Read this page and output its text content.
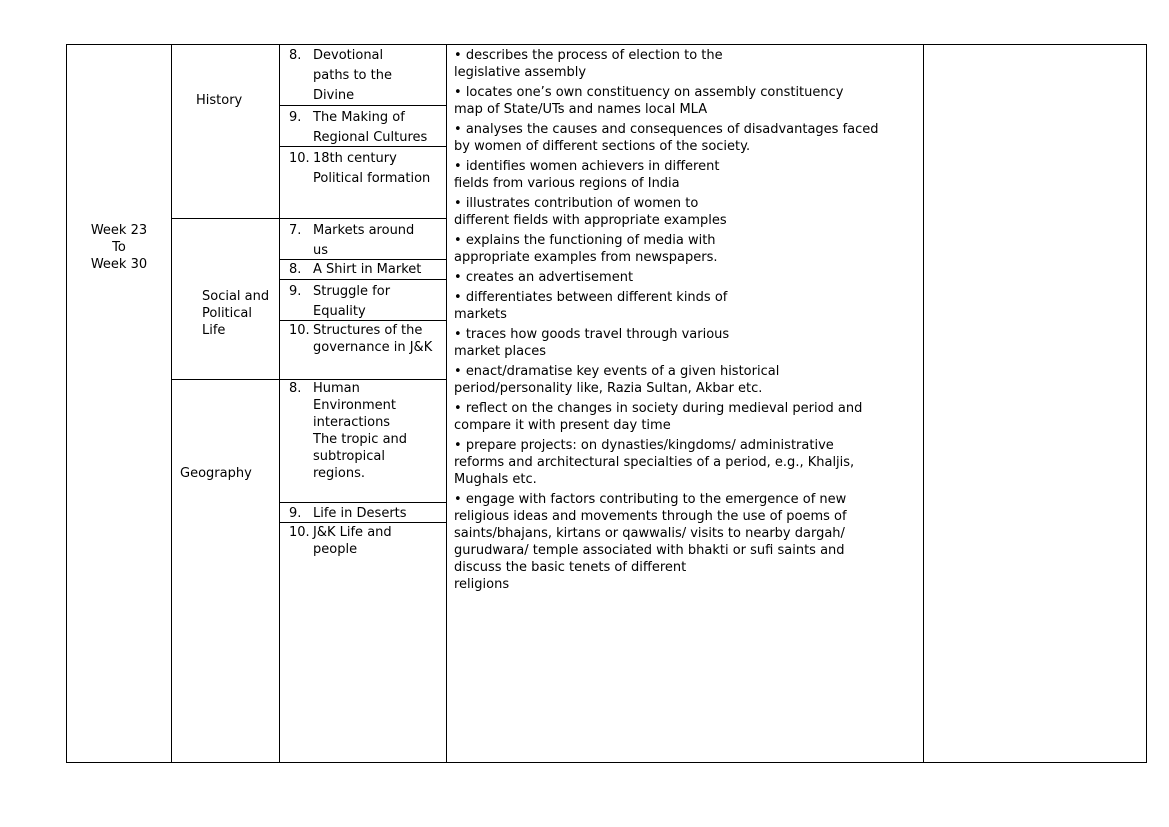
Week 23
To
Week 30
History
Social and
Political
Life
Geography
8. Devotional
paths to the
Divine
9. The Making of
Regional Cultures
10. 18th century
Political formation
7. Markets around
us
8. A Shirt in Market
9. Struggle for
Equality
10. Structures of the
governance in J&K
8. Human
Environment
interactions
The tropic and
subtropical
regions.
9. Life in Deserts
10. J&K Life and
people
• describes the process of election to the
legislative assembly
• locates one’s own constituency on assembly constituency
map of State/UTs and names local MLA
• analyses the causes and consequences of disadvantages faced
by women of different sections of the society.
• identifies women achievers in different
fields from various regions of India
• illustrates contribution of women to
different fields with appropriate examples
• explains the functioning of media with
appropriate examples from newspapers.
• creates an advertisement
• differentiates between different kinds of
markets
• traces how goods travel through various
market places
• enact/dramatise key events of a given historical
period/personality like, Razia Sultan, Akbar etc.
• reflect on the changes in society during medieval period and
compare it with present day time
• prepare projects: on dynasties/kingdoms/ administrative
reforms and architectural specialties of a period, e.g., Khaljis,
Mughals etc.
• engage with factors contributing to the emergence of new
religious ideas and movements through the use of poems of
saints/bhajans, kirtans or qawwalis/ visits to nearby dargah/
gurudwara/ temple associated with bhakti or sufi saints and
discuss the basic tenets of different
religions
